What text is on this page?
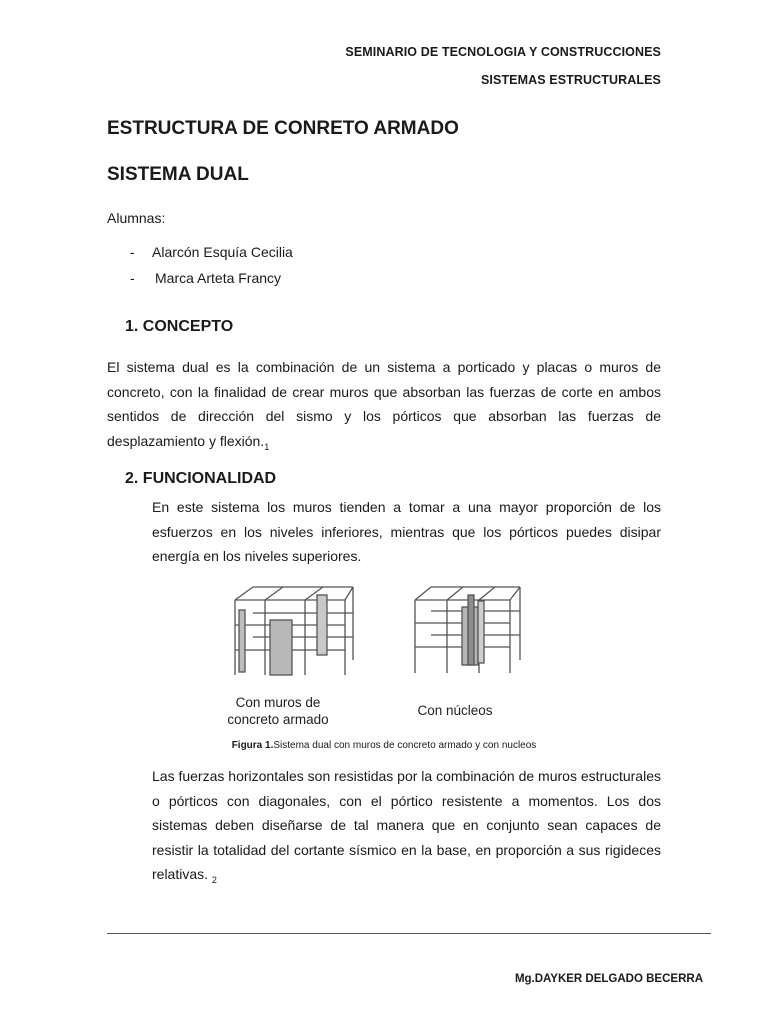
SEMINARIO DE TECNOLOGIA Y CONSTRUCCIONES
SISTEMAS ESTRUCTURALES
ESTRUCTURA DE CONRETO ARMADO
SISTEMA DUAL
Alumnas:
- Alarcón Esquía Cecilia
- Marca Arteta Francy
1. CONCEPTO
El sistema dual es la combinación de un sistema a porticado y placas o muros de concreto, con la finalidad de crear muros que absorban las fuerzas de corte en ambos sentidos de dirección del sismo y los pórticos que absorban las fuerzas de desplazamiento y $flexión._1$
2. FUNCIONALIDAD
En este sistema los muros tienden a tomar a una mayor proporción de los esfuerzos en los niveles inferiores, mientras que los pórticos puedes disipar energía en los niveles superiores.
Con muros de concreto armado
Con núcleos
Figura 1.Sistema dual con muros de concreto armado y con nucleos
Las fuerzas horizontales son resistidas por la combinación de muros estructurales o pórticos con diagonales, con el pórtico resistente a momentos. Los dos sistemas deben diseñarse de tal manera que en conjunto sean capaces de resistir la totalidad del cortante sísmico en la base, en proporción a sus rigideces relativas. $_2$
Mg.DAYKER DELGADO BECERRA
